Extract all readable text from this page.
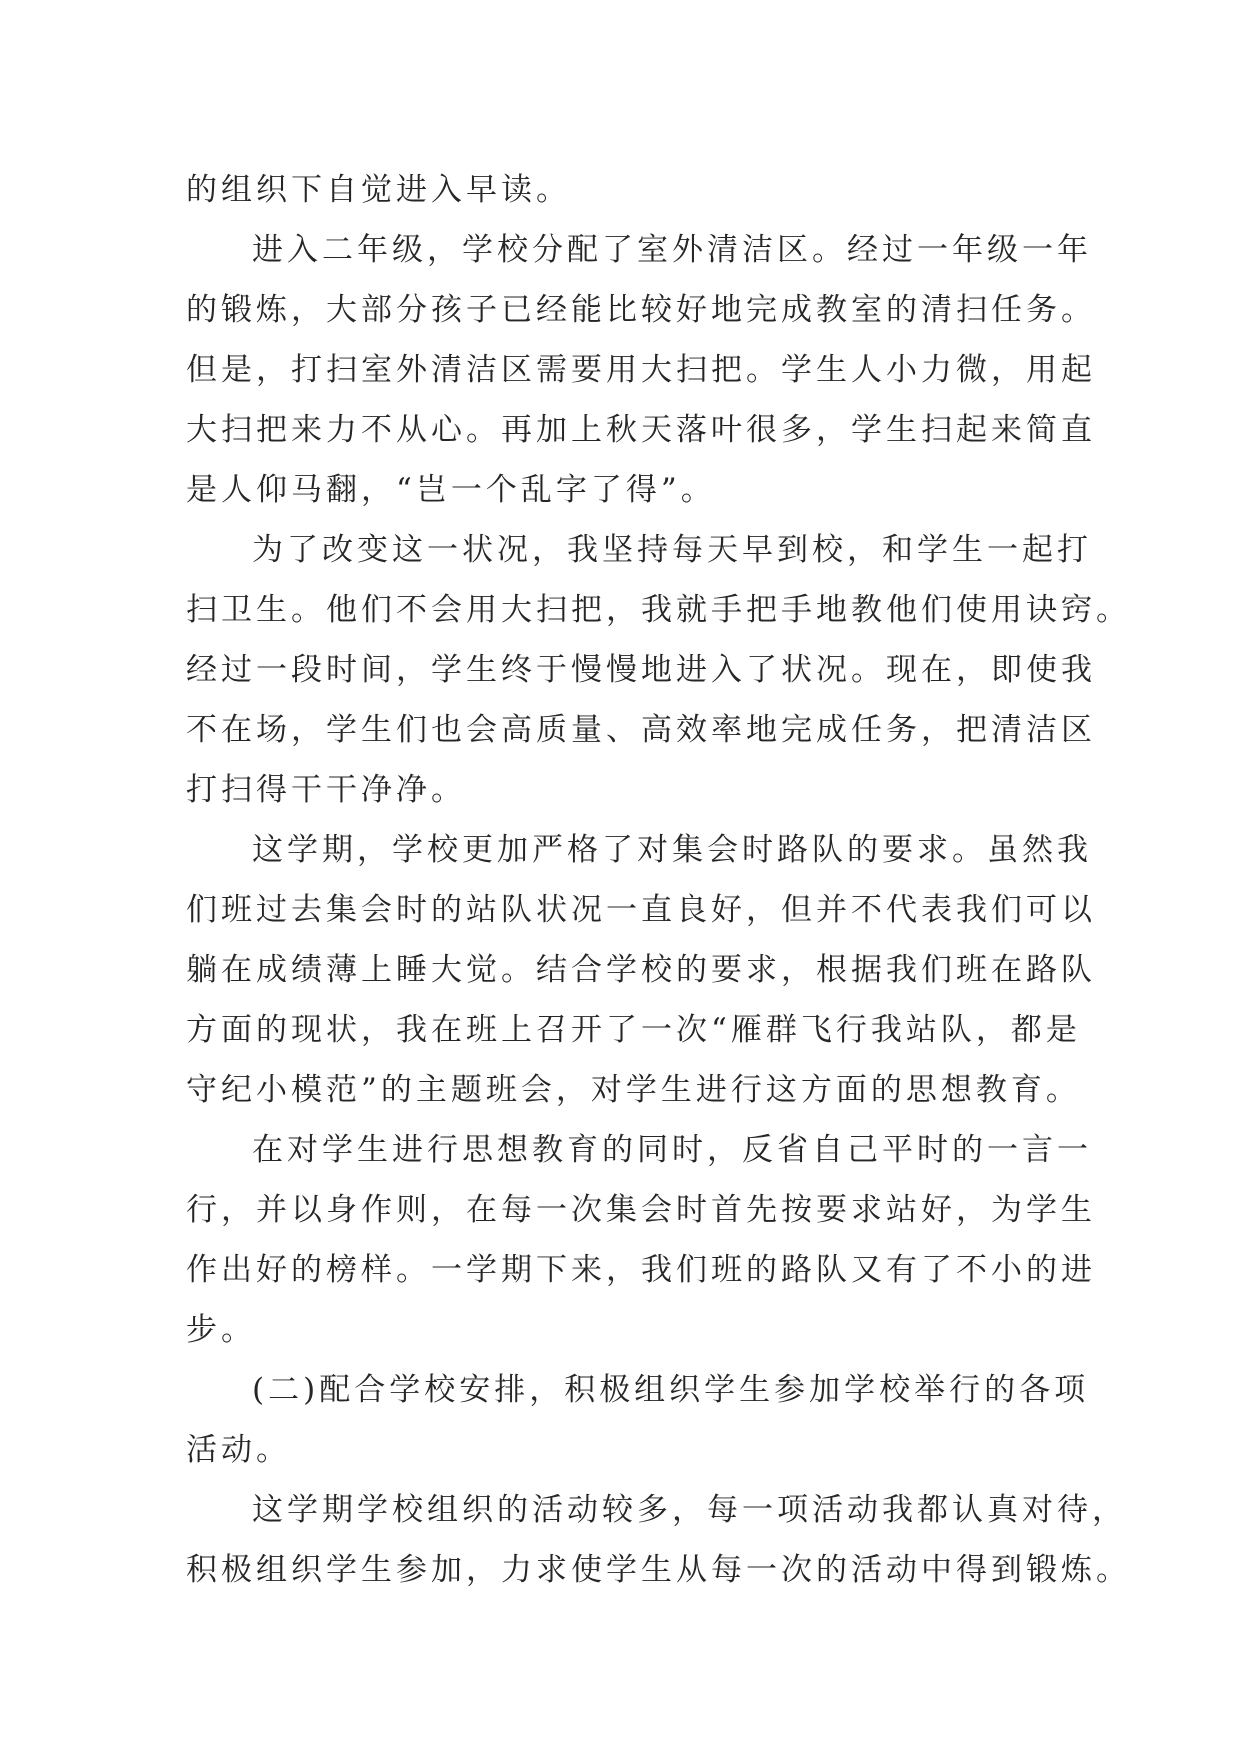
的组织下自觉进入早读。
进入二年级，学校分配了室外清洁区。经过一年级一年
的锻炼，大部分孩子已经能比较好地完成教室的清扫任务。
但是，打扫室外清洁区需要用大扫把。学生人小力微，用起
大扫把来力不从心。再加上秋天落叶很多，学生扫起来简直
是人仰马翻，“岂一个乱字了得”。
为了改变这一状况，我坚持每天早到校，和学生一起打
扫卫生。他们不会用大扫把，我就手把手地教他们使用诀窍。
经过一段时间，学生终于慢慢地进入了状况。现在，即使我
不在场，学生们也会高质量、高效率地完成任务，把清洁区
打扫得干干净净。
这学期，学校更加严格了对集会时路队的要求。虽然我
们班过去集会时的站队状况一直良好，但并不代表我们可以
躺在成绩薄上睡大觉。结合学校的要求，根据我们班在路队
方面的现状，我在班上召开了一次“雁群飞行我站队，都是
守纪小模范”的主题班会，对学生进行这方面的思想教育。
在对学生进行思想教育的同时，反省自己平时的一言一
行，并以身作则，在每一次集会时首先按要求站好，为学生
作出好的榜样。一学期下来，我们班的路队又有了不小的进
步。
(二)配合学校安排，积极组织学生参加学校举行的各项
活动。
这学期学校组织的活动较多，每一项活动我都认真对待，
积极组织学生参加，力求使学生从每一次的活动中得到锻炼。
